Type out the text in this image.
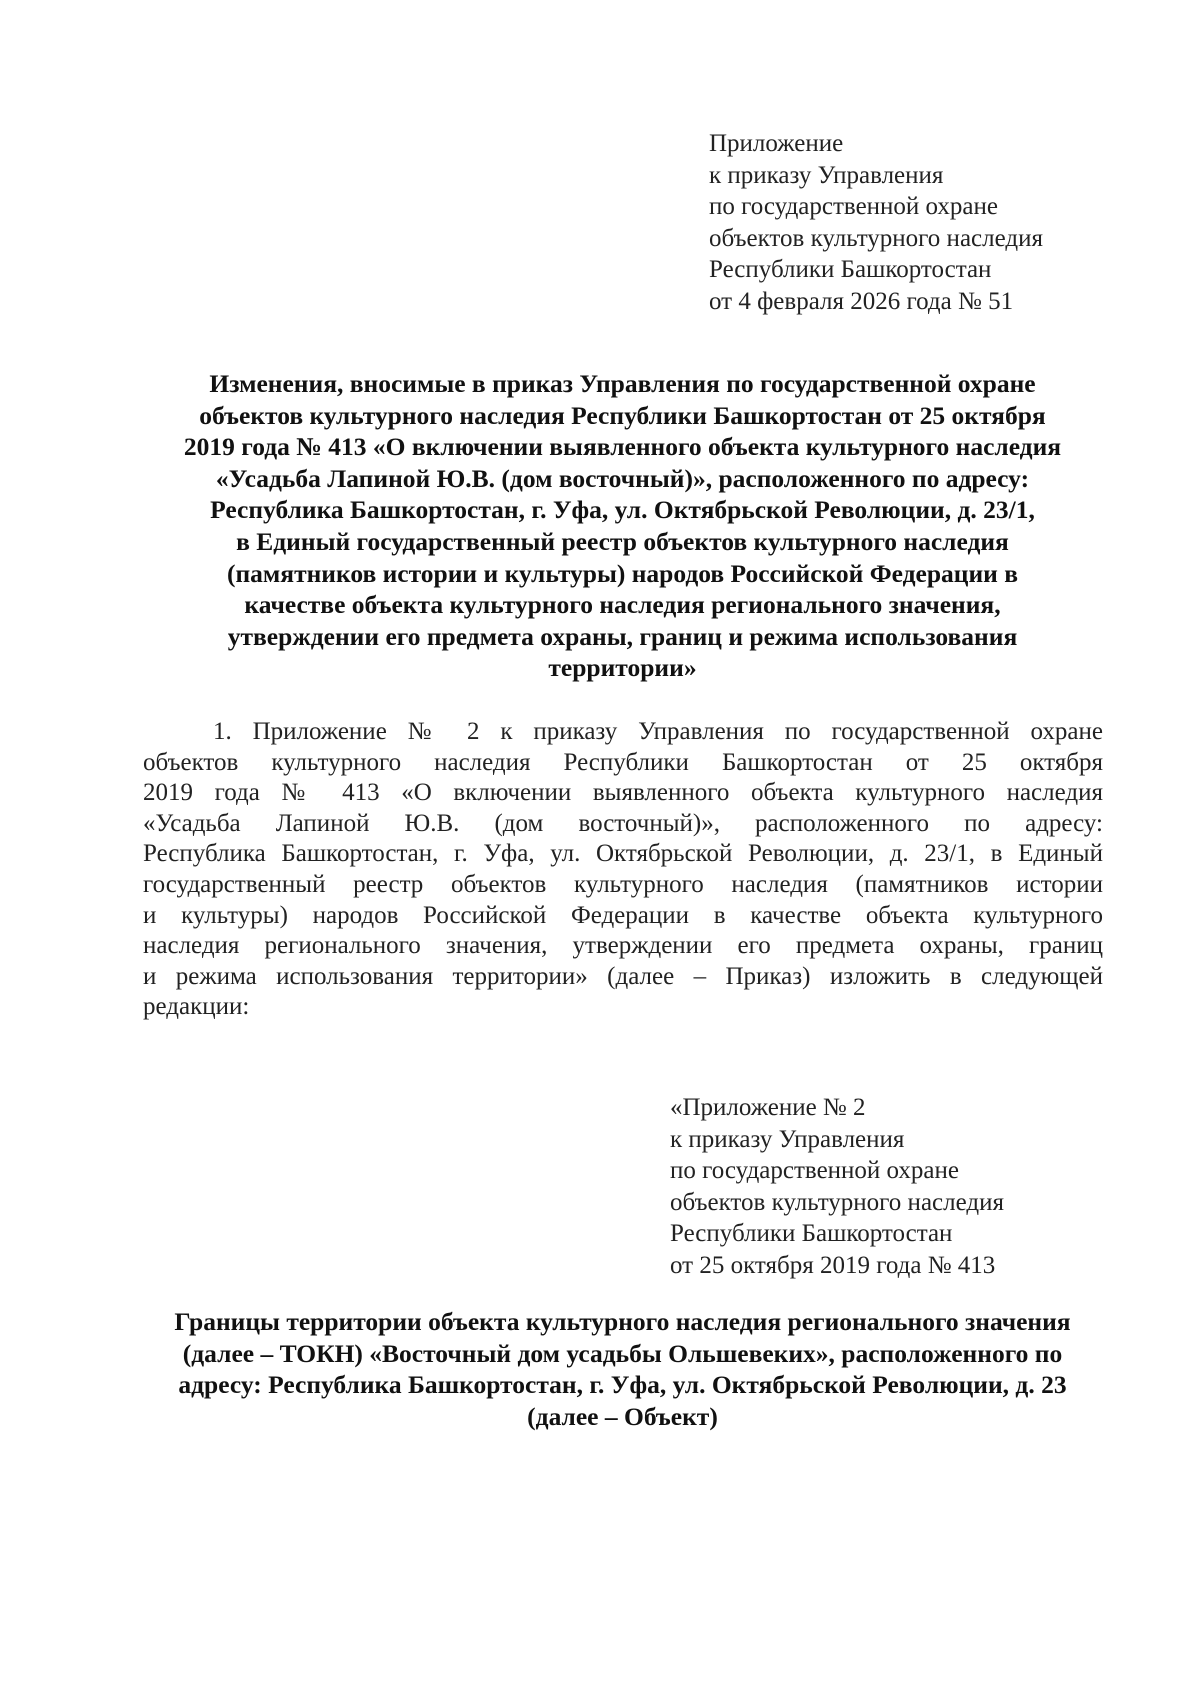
Приложение
к приказу Управления
по государственной охране
объектов культурного наследия
Республики Башкортостан
от 4 февраля 2026 года № 51
Изменения, вносимые в приказ Управления по государственной охране
объектов культурного наследия Республики Башкортостан от 25 октября
2019 года № 413 «О включении выявленного объекта культурного наследия
«Усадьба Лапиной Ю.В. (дом восточный)», расположенного по адресу:
Республика Башкортостан, г. Уфа, ул. Октябрьской Революции, д. 23/1,
в Единый государственный реестр объектов культурного наследия
(памятников истории и культуры) народов Российской Федерации в
качестве объекта культурного наследия регионального значения,
утверждении его предмета охраны, границ и режима использования
территории»
1. Приложение № 2 к приказу Управления по государственной охране
объектов культурного наследия Республики Башкортостан от 25 октября
2019 года № 413 «О включении выявленного объекта культурного наследия
«Усадьба Лапиной Ю.В. (дом восточный)», расположенного по адресу:
Республика Башкортостан, г. Уфа, ул. Октябрьской Революции, д. 23/1, в Единый
государственный реестр объектов культурного наследия (памятников истории
и культуры) народов Российской Федерации в качестве объекта культурного
наследия регионального значения, утверждении его предмета охраны, границ
и режима использования территории» (далее – Приказ) изложить в следующей
редакции:
«Приложение № 2
к приказу Управления
по государственной охране
объектов культурного наследия
Республики Башкортостан
от 25 октября 2019 года № 413
Границы территории объекта культурного наследия регионального значения
(далее – ТОКН) «Восточный дом усадьбы Ольшевеких», расположенного по
адресу: Республика Башкортостан, г. Уфа, ул. Октябрьской Революции, д. 23
(далее – Объект)
